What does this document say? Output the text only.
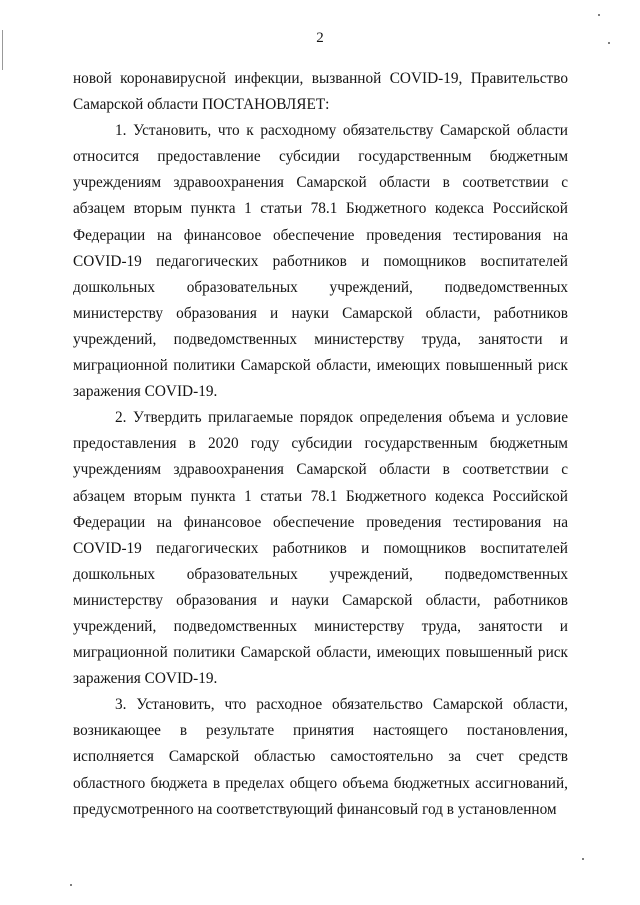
2

новой коронавирусной инфекции, вызванной COVID-19, Правительство Самарской области ПОСТАНОВЛЯЕТ:

1. Установить, что к расходному обязательству Самарской области относится предоставление субсидии государственным бюджетным учреждениям здравоохранения Самарской области в соответствии с абзацем вторым пункта 1 статьи 78.1 Бюджетного кодекса Российской Федерации на финансовое обеспечение проведения тестирования на COVID-19 педагогических работников и помощников воспитателей дошкольных образовательных учреждений, подведомственных министерству образования и науки Самарской области, работников учреждений, подведомственных министерству труда, занятости и миграционной политики Самарской области, имеющих повышенный риск заражения COVID-19.

2. Утвердить прилагаемые порядок определения объема и условие предоставления в 2020 году субсидии государственным бюджетным учреждениям здравоохранения Самарской области в соответствии с абзацем вторым пункта 1 статьи 78.1 Бюджетного кодекса Российской Федерации на финансовое обеспечение проведения тестирования на COVID-19 педагогических работников и помощников воспитателей дошкольных образовательных учреждений, подведомственных министерству образования и науки Самарской области, работников учреждений, подведомственных министерству труда, занятости и миграционной политики Самарской области, имеющих повышенный риск заражения COVID-19.

3. Установить, что расходное обязательство Самарской области, возникающее в результате принятия настоящего постановления, исполняется Самарской областью самостоятельно за счет средств областного бюджета в пределах общего объема бюджетных ассигнований, предусмотренного на соответствующий финансовый год в установленном
